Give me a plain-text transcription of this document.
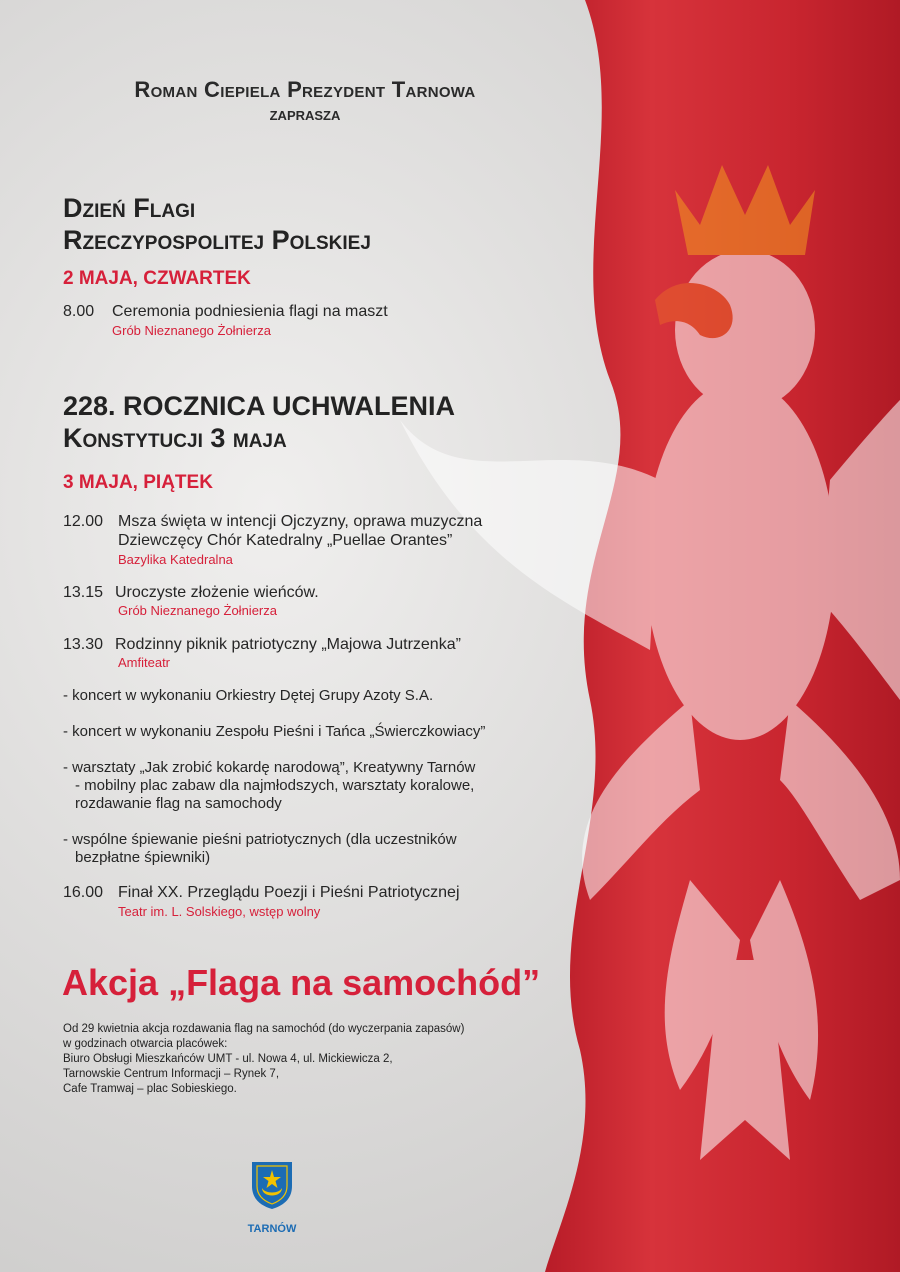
Roman Ciepiela Prezydent Tarnowa
ZAPRASZA
Dzień Flagi
Rzeczypospolitej Polskiej
2 MAJA, CZWARTEK
8.00 Ceremonia podniesienia flagi na maszt
Grób Nieznanego Żołnierza
228. ROCZNICA UCHWALENIA
Konstytucji 3 maja
3 MAJA, PIĄTEK
12.00 Msza święta w intencji Ojczyzny, oprawa muzyczna
Dziewczęcy Chór Katedralny „Puellae Orantes”
Bazylika Katedralna
13.15 Uroczyste złożenie wieńców.
Grób Nieznanego Żołnierza
13.30 Rodzinny piknik patriotyczny „Majowa Jutrzenka”
Amfiteatr
- koncert w wykonaniu Orkiestry Dętej Grupy Azoty S.A.
- koncert w wykonaniu Zespołu Pieśni i Tańca „Świerczkowiacy”
- warsztaty „Jak zrobić kokardę narodową”, Kreatywny Tarnów
- mobilny plac zabaw dla najmłodszych, warsztaty koralowe,
rozdawanie flag na samochody
- wspólne śpiewanie pieśni patriotycznych (dla uczestników
bezpłatne śpiewniki)
16.00 Finał XX. Przeglądu Poezji i Pieśni Patriotycznej
Teatr im. L. Solskiego, wstęp wolny
Akcja „Flaga na samochód”
Od 29 kwietnia akcja rozdawania flag na samochód (do wyczerpania zapasów)
w godzinach otwarcia placówek:
Biuro Obsługi Mieszkańców UMT - ul. Nowa 4, ul. Mickiewicza 2,
Tarnowskie Centrum Informacji – Rynek 7,
Cafe Tramwaj – plac Sobieskiego.
TARNÓW
